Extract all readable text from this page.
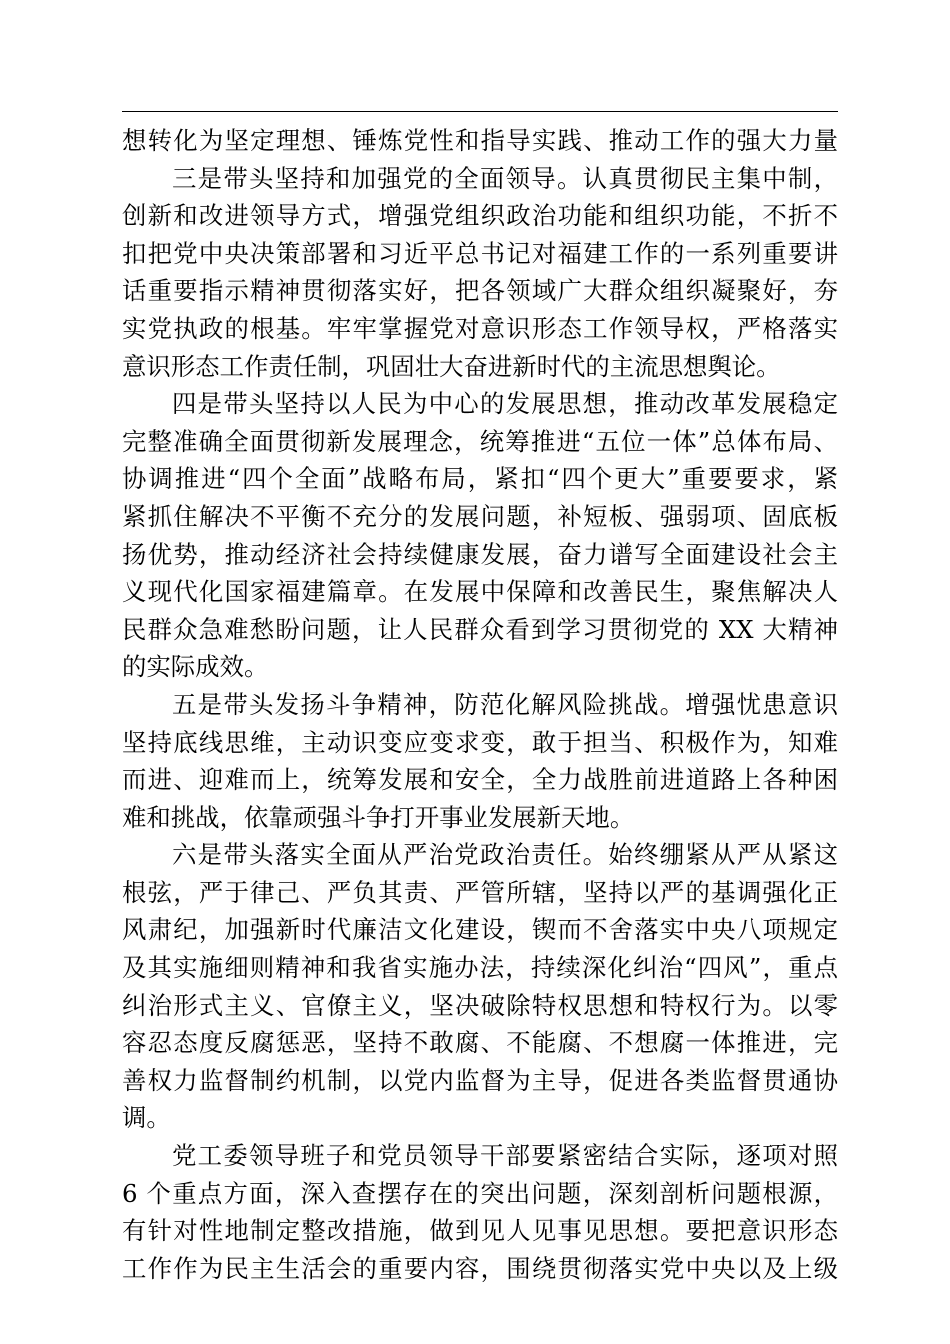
想转化为坚定理想、锤炼党性和指导实践、推动工作的强大力量
三是带头坚持和加强党的全面领导。认真贯彻民主集中制，
创新和改进领导方式，增强党组织政治功能和组织功能，不折不
扣把党中央决策部署和习近平总书记对福建工作的一系列重要讲
话重要指示精神贯彻落实好，把各领域广大群众组织凝聚好，夯
实党执政的根基。牢牢掌握党对意识形态工作领导权，严格落实
意识形态工作责任制，巩固壮大奋进新时代的主流思想舆论。
四是带头坚持以人民为中心的发展思想，推动改革发展稳定
完整准确全面贯彻新发展理念，统筹推进“五位一体”总体布局、
协调推进“四个全面”战略布局，紧扣“四个更大”重要要求，紧
紧抓住解决不平衡不充分的发展问题，补短板、强弱项、固底板
扬优势，推动经济社会持续健康发展，奋力谱写全面建设社会主
义现代化国家福建篇章。在发展中保障和改善民生，聚焦解决人
民群众急难愁盼问题，让人民群众看到学习贯彻党的 XX 大精神
的实际成效。
五是带头发扬斗争精神，防范化解风险挑战。增强忧患意识
坚持底线思维，主动识变应变求变，敢于担当、积极作为，知难
而进、迎难而上，统筹发展和安全，全力战胜前进道路上各种困
难和挑战，依靠顽强斗争打开事业发展新天地。
六是带头落实全面从严治党政治责任。始终绷紧从严从紧这
根弦，严于律己、严负其责、严管所辖，坚持以严的基调强化正
风肃纪，加强新时代廉洁文化建设，锲而不舍落实中央八项规定
及其实施细则精神和我省实施办法，持续深化纠治“四风”，重点
纠治形式主义、官僚主义，坚决破除特权思想和特权行为。以零
容忍态度反腐惩恶，坚持不敢腐、不能腐、不想腐一体推进，完
善权力监督制约机制，以党内监督为主导，促进各类监督贯通协
调。
党工委领导班子和党员领导干部要紧密结合实际，逐项对照
6 个重点方面，深入查摆存在的突出问题，深刻剖析问题根源，
有针对性地制定整改措施，做到见人见事见思想。要把意识形态
工作作为民主生活会的重要内容，围绕贯彻落实党中央以及上级
